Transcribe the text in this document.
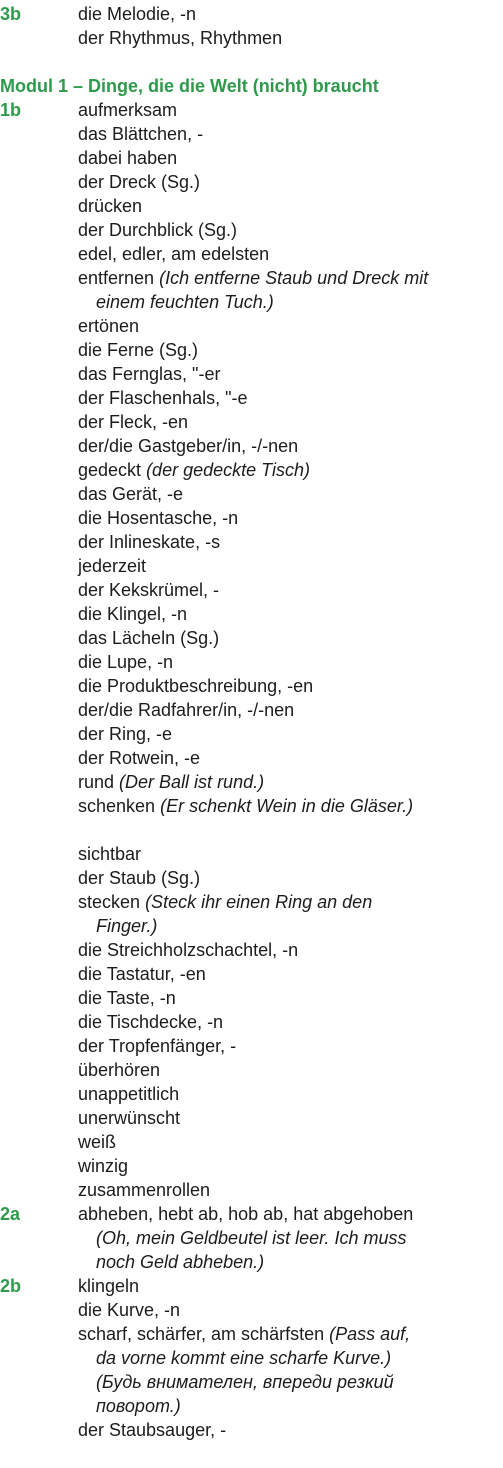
3b	die Melodie, -n
der Rhythmus, Rhythmen
Modul 1 – Dinge, die die Welt (nicht) braucht
1b	aufmerksam
das Blättchen, -
dabei haben
der Dreck (Sg.)
drücken
der Durchblick (Sg.)
edel, edler, am edelsten
entfernen (Ich entferne Staub und Dreck mit
einem feuchten Tuch.)
ertönen
die Ferne (Sg.)
das Fernglas, "-er
der Flaschenhals, "-e
der Fleck, -en
der/die Gastgeber/in, -/-nen
gedeckt (der gedeckte Tisch)
das Gerät, -e
die Hosentasche, -n
der Inlineskate, -s
jederzeit
der Kekskrümel, -
die Klingel, -n
das Lächeln (Sg.)
die Lupe, -n
die Produktbeschreibung, -en
der/die Radfahrer/in, -/-nen
der Ring, -e
der Rotwein, -e
rund (Der Ball ist rund.)
schenken (Er schenkt Wein in die Gläser.)
sichtbar
der Staub (Sg.)
stecken (Steck ihr einen Ring an den
Finger.)
die Streichholzschachtel, -n
die Tastatur, -en
die Taste, -n
die Tischdecke, -n
der Tropfenfänger, -
überhören
unappetitlich
unerwünscht
weiß
winzig
zusammenrollen
2a	abheben, hebt ab, hob ab, hat abgehoben
(Oh, mein Geldbeutel ist leer. Ich muss
noch Geld abheben.)
2b	klingeln
die Kurve, -n
scharf, schärfer, am schärfsten (Pass auf,
da vorne kommt eine scharfe Kurve.)
(Будь внимателен, впереди резкий
поворот.)
der Staubsauger, -
